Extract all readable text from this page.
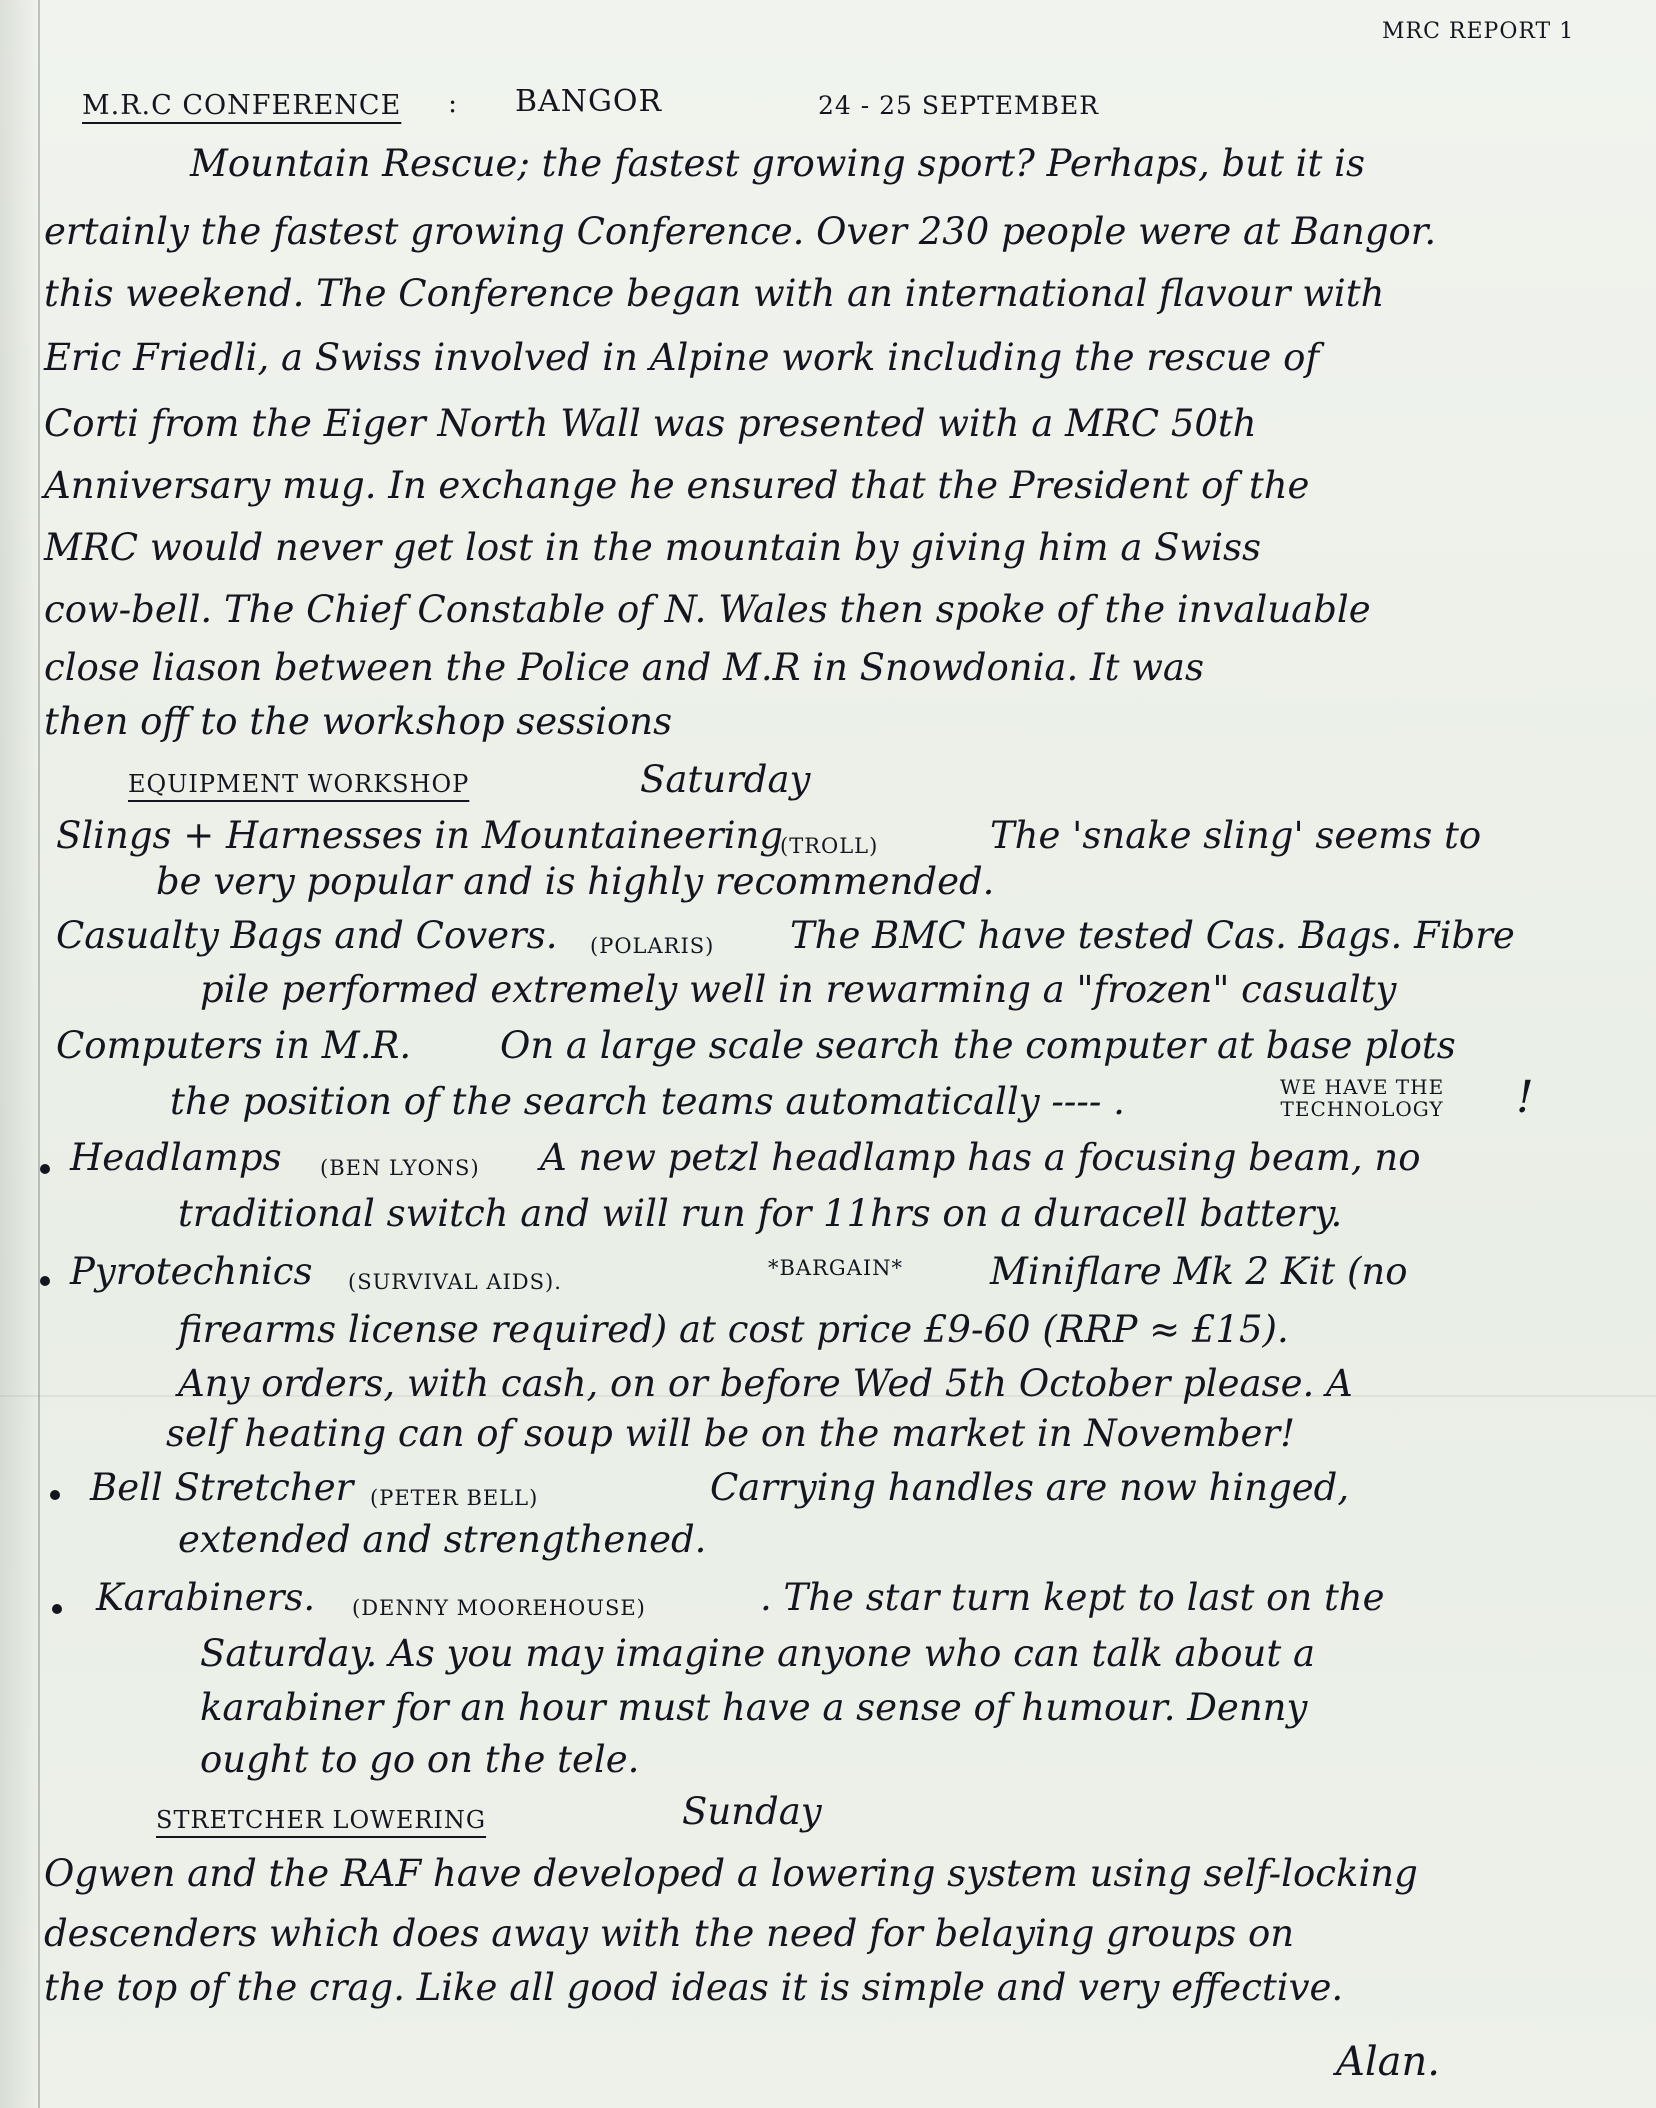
MRC REPORT 1
M.R.C CONFERENCE : BANGOR	24 - 25 SEPTEMBER
Mountain Rescue; the fastest growing sport? Perhaps, but it is
ertainly the fastest growing Conference. Over 230 people were at Bangor.
this weekend. The Conference began with an international flavour with
Eric Friedli, a Swiss involved in Alpine work including the rescue of
Corti from the Eiger North Wall was presented with a MRC 50th
Anniversary mug. In exchange he ensured that the President of the
MRC would never get lost in the mountain by giving him a Swiss
cow-bell. The Chief Constable of N. Wales then spoke of the invaluable
close liason between the Police and M.R in Snowdonia. It was
then off to the workshop sessions
EQUIPMENT WORKSHOP	Saturday
Slings + Harnesses in Mountaineering
(TROLL)	The 'snake sling' seems to
be very popular and is highly recommended.
Casualty Bags and Covers. (POLARIS) The BMC have tested Cas. Bags. Fibre
pile performed extremely well in rewarming a "frozen" casualty
Computers in M.R. On a large scale search the computer at base plots
the position of the search teams automatically ---- .	WE HAVE THE
TECHNOLOGY !
Headlamps (BEN LYONS) A new petzl headlamp has a focusing beam, no
traditional switch and will run for 11hrs on a duracell battery.
Pyrotechnics (SURVIVAL AIDS).
*BARGAIN* Miniflare Mk 2 Kit (no
firearms license required) at cost price £9-60 (RRP ≈ £15).
Any orders, with cash, on or before Wed 5th October please. A
self heating can of soup will be on the market in November!
Bell Stretcher (PETER BELL)	Carrying handles are now hinged,
extended and strengthened.
Karabiners. (DENNY MOOREHOUSE)	. The star turn kept to last on the
Saturday. As you may imagine anyone who can talk about a
karabiner for an hour must have a sense of humour. Denny
ought to go on the tele.
STRETCHER LOWERING	Sunday
Ogwen and the RAF have developed a lowering system using self-locking
descenders which does away with the need for belaying groups on
the top of the crag. Like all good ideas it is simple and very effective.
Alan.
